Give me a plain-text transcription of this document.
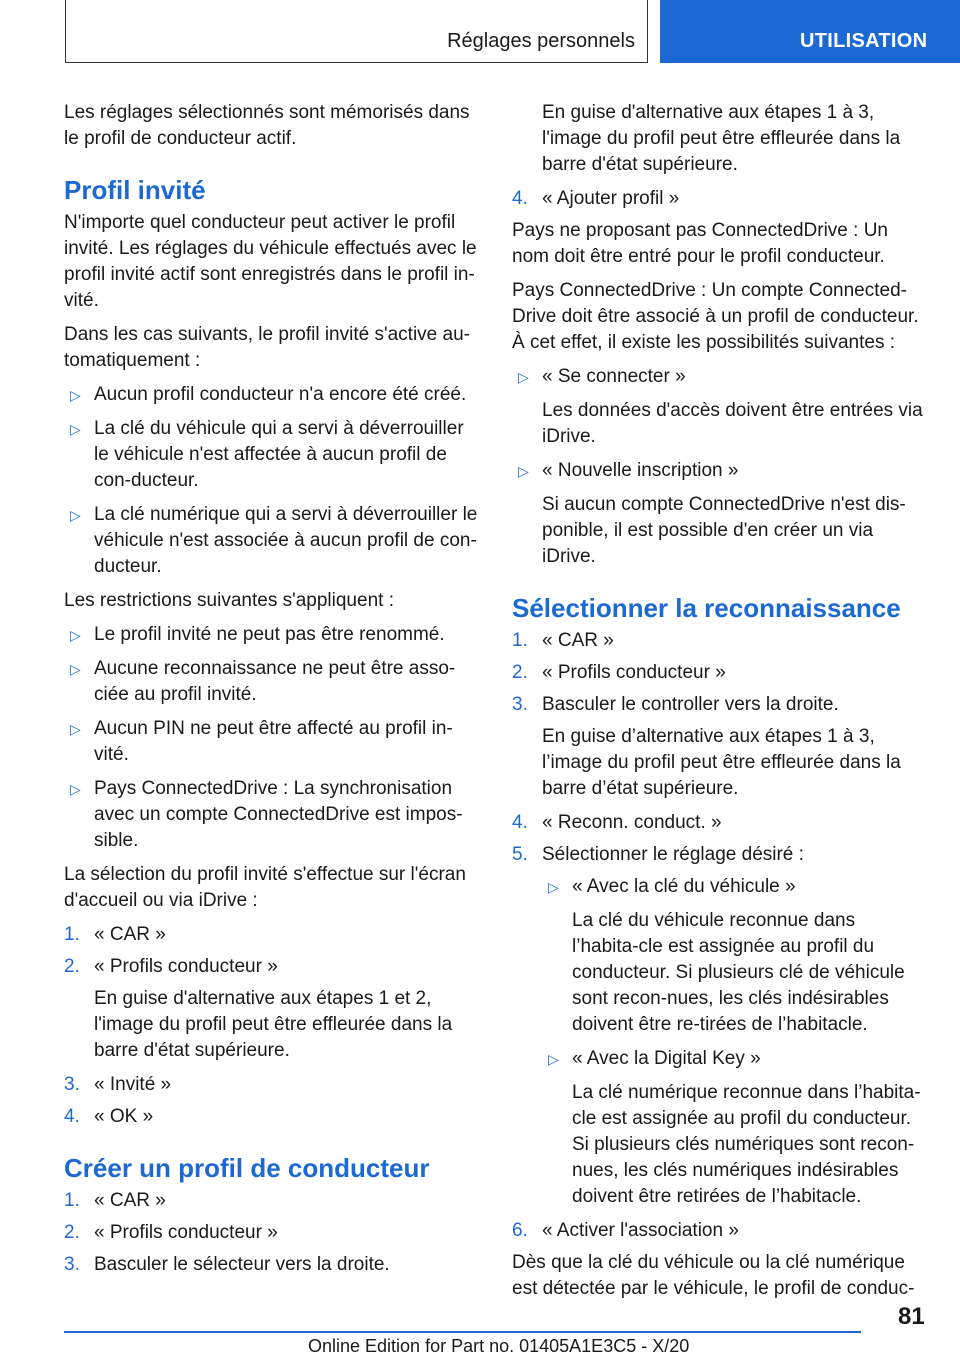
Réglages personnels	UTILISATION

Les réglages sélectionnés sont mémorisés dans le profil de conducteur actif.

Profil invité

N'importe quel conducteur peut activer le profil invité. Les réglages du véhicule effectués avec le profil invité actif sont enregistrés dans le profil in‐vité.

Dans les cas suivants, le profil invité s'active au‐tomatiquement :

▷ Aucun profil conducteur n'a encore été créé.
▷ La clé du véhicule qui a servi à déverrouiller le véhicule n'est affectée à aucun profil de con‐ducteur.
▷ La clé numérique qui a servi à déverrouiller le véhicule n'est associée à aucun profil de con‐ducteur.

Les restrictions suivantes s'appliquent :

▷ Le profil invité ne peut pas être renommé.
▷ Aucune reconnaissance ne peut être asso‐ciée au profil invité.
▷ Aucun PIN ne peut être affecté au profil in‐vité.
▷ Pays ConnectedDrive : La synchronisation avec un compte ConnectedDrive est impos‐sible.

La sélection du profil invité s'effectue sur l'écran d'accueil ou via iDrive :

1. « CAR »
2. « Profils conducteur »
En guise d'alternative aux étapes 1 et 2, l'image du profil peut être effleurée dans la barre d'état supérieure.
3. « Invité »
4. « OK »
Créer un profil de conducteur
1. « CAR »
2. « Profils conducteur »
3. Basculer le sélecteur vers la droite.
En guise d'alternative aux étapes 1 à 3, l'image du profil peut être effleurée dans la barre d'état supérieure.
4. « Ajouter profil »

Pays ne proposant pas ConnectedDrive : Un nom doit être entré pour le profil conducteur.

Pays ConnectedDrive : Un compte Connected‐Drive doit être associé à un profil de conducteur. À cet effet, il existe les possibilités suivantes :

▷ « Se connecter »
Les données d'accès doivent être entrées via iDrive.
▷ « Nouvelle inscription »
Si aucun compte ConnectedDrive n'est dis‐ponible, il est possible d'en créer un via iDrive.
Sélectionner la reconnaissance
1. « CAR »
2. « Profils conducteur »
3. Basculer le controller vers la droite.
En guise d’alternative aux étapes 1 à 3, l’image du profil peut être effleurée dans la barre d’état supérieure.
4. « Reconn. conduct. »
5. Sélectionner le réglage désiré :
▷ « Avec la clé du véhicule »
La clé du véhicule reconnue dans l’habita‐cle est assignée au profil du conducteur. Si plusieurs clé de véhicule sont recon‐nues, les clés indésirables doivent être re‐tirées de l’habitacle.
▷ « Avec la Digital Key »
La clé numérique reconnue dans l’habita‐cle est assignée au profil du conducteur. Si plusieurs clés numériques sont recon‐nues, les clés numériques indésirables doivent être retirées de l’habitacle.
6. « Activer l'association »

Dès que la clé du véhicule ou la clé numérique est détectée par le véhicule, le profil de conduc‐

81
Online Edition for Part no. 01405A1E3C5 - X/20
